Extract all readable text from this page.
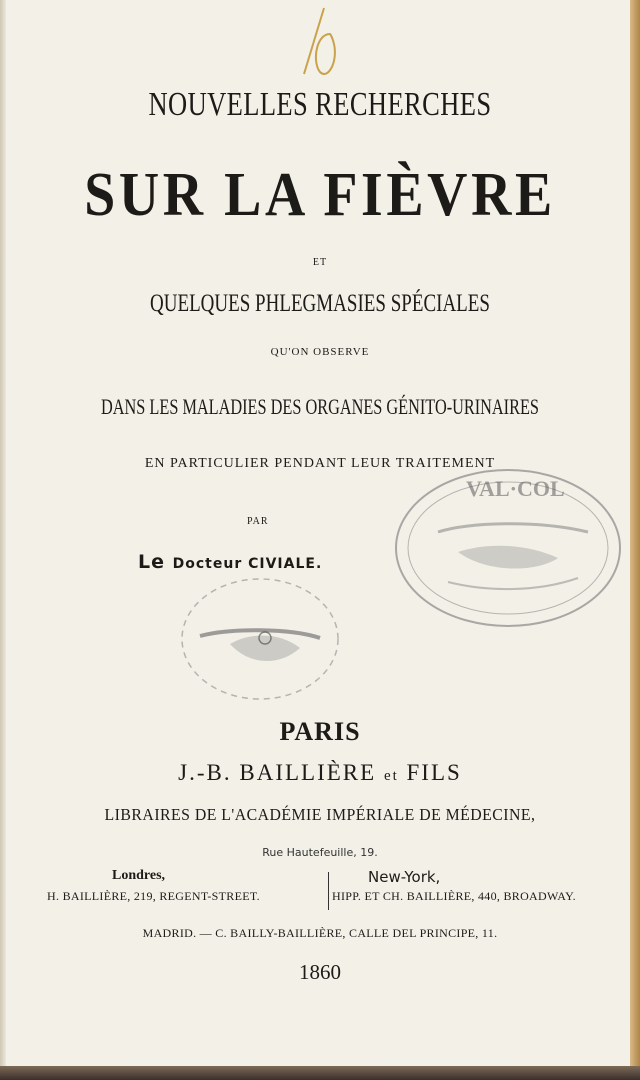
NOUVELLES RECHERCHES
SUR LA FIÈVRE
ET
QUELQUES PHLEGMASIES SPÉCIALES
QU'ON OBSERVE
DANS LES MALADIES DES ORGANES GÉNITO-URINAIRES
EN PARTICULIER PENDANT LEUR TRAITEMENT
PAR
Le Docteur CIVIALE.
VAL·COL
PARIS
J.-B. BAILLIÈRE et FILS
LIBRAIRES DE L'ACADÉMIE IMPÉRIALE DE MÉDECINE,
Rue Hautefeuille, 19.
Londres,
H. BAILLIÈRE, 219, REGENT-STREET.
New-York,
HIPP. ET CH. BAILLIÈRE, 440, BROADWAY.
MADRID. — C. BAILLY-BAILLIÈRE, CALLE DEL PRINCIPE, 11.
1860
